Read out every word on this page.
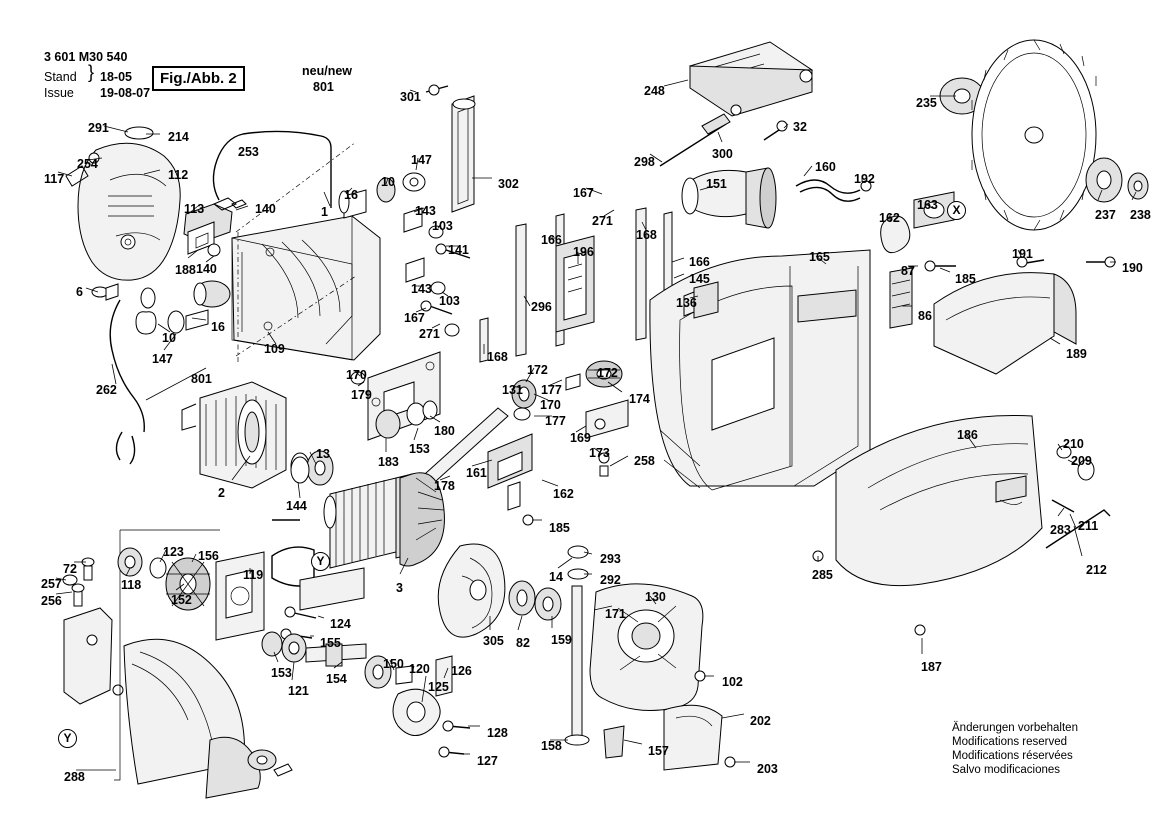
3 601 M30 540
Stand
Issue
} 18-05
19-08-07
Fig./Abb. 2	neu/new
801
Änderungen vorbehalten
Modifications reserved
Modifications réservées
Salvo modificaciones
X
Y
Y
291
214
254
117	112
253
113	140
188 140
6
10
16
147
109
801
262
2
13
144
1
16
10
147
301
302
143
103
141
143
103
167
271
168
296
166
196
172
172
131 177
170
177
174
169
173
258
162
185
161
178
183
153
180
179
170
3
305 82 159
14	292
293
171
130
102
202
203
157
158
127
128
125
126
120
150
154
121
153
155
124
119
152
123 156
118
72
257
256
288
248
298
300
32
151
160
192
167
271
168
166
145
136
165
162
163
87
86
185
191
190
189
235
237 238
186
210
209
283 211
212
285
187
